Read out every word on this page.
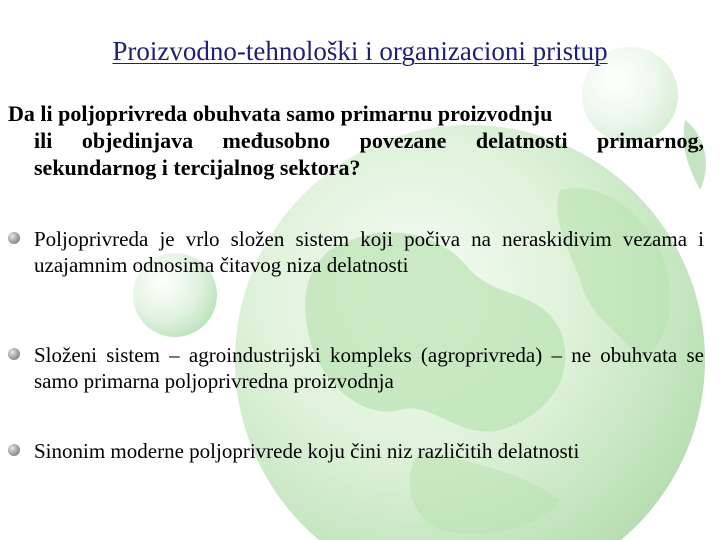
Proizvodno-tehnološki i organizacioni pristup
Da li poljoprivreda obuhvata samo primarnu proizvodnju
ili objedinjava međusobno povezane delatnosti primarnog, sekundarnog i tercijalnog sektora?
Poljoprivreda je vrlo složen sistem koji počiva na neraskidivim vezama i uzajamnim odnosima čitavog niza delatnosti
Složeni sistem – agroindustrijski kompleks (agroprivreda) – ne obuhvata se samo primarna poljoprivredna proizvodnja
Sinonim moderne poljoprivrede koju čini niz različitih delatnosti
